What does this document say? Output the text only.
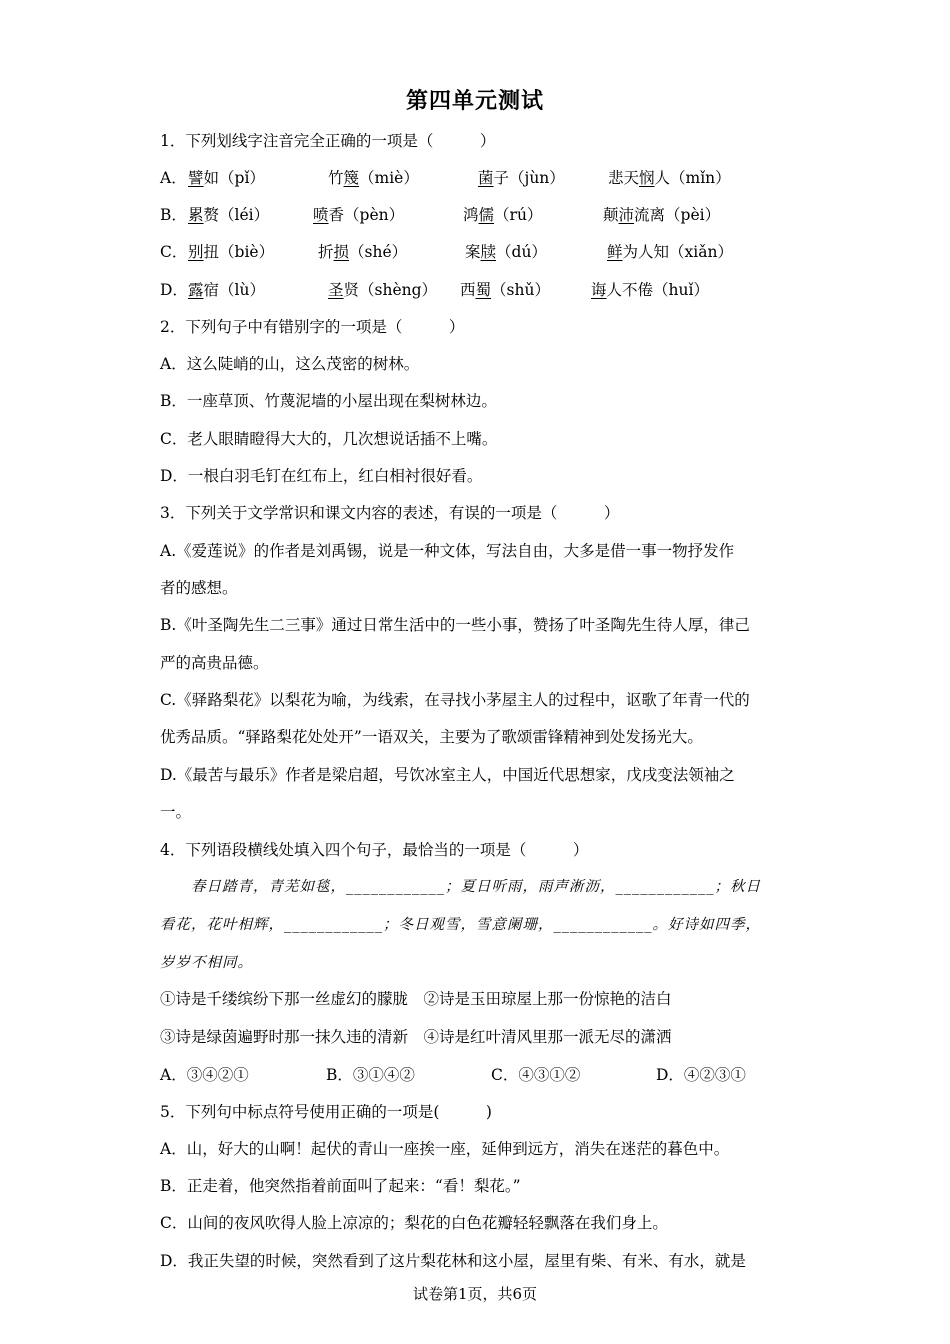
第四单元测试
1．下列划线字注音完全正确的一项是（　　　）
A． 譬如（pǐ）	竹篾（miè）	菌子（jùn）	悲天悯人（mǐn）
B． 累赘（léi）	喷香（pèn）	鸿儒（rú）	颠沛流离（pèi）
C． 别扭（biè）	折损（shé）	案牍（dú）	鲜为人知（xiǎn）
D． 露宿（lù）	圣贤（shèng） 西蜀（shǔ）	诲人不倦（huǐ）
2．下列句子中有错别字的一项是（　　　）
A．这么陡峭的山，这么茂密的树林。
B．一座草顶、竹蔑泥墙的小屋出现在梨树林边。
C．老人眼睛瞪得大大的，几次想说话插不上嘴。
D．一根白羽毛钉在红布上，红白相衬很好看。
3．下列关于文学常识和课文内容的表述，有误的一项是（　　　）
A.《爱莲说》的作者是刘禹锡，说是一种文体，写法自由，大多是借一事一物抒发作
者的感想。
B.《叶圣陶先生二三事》通过日常生活中的一些小事，赞扬了叶圣陶先生待人厚，律己
严的高贵品德。
C.《驿路梨花》以梨花为喻，为线索，在寻找小茅屋主人的过程中，讴歌了年青一代的
优秀品质。“驿路梨花处处开”一语双关，主要为了歌颂雷锋精神到处发扬光大。
D.《最苦与最乐》作者是梁启超，号饮冰室主人，中国近代思想家，戊戌变法领袖之
一。
4．下列语段横线处填入四个句子，最恰当的一项是（　　　）
　　春日踏青，青芜如毯，____________；夏日听雨，雨声淅沥，____________；秋日
看花，花叶相辉，____________；冬日观雪，雪意阑珊，____________。好诗如四季，
岁岁不相同。
①诗是千缕缤纷下那一丝虚幻的朦胧　②诗是玉田琼屋上那一份惊艳的洁白
③诗是绿茵遍野时那一抹久违的清新　④诗是红叶清风里那一派无尽的潇洒
A．③④②①	B．③①④②	C．④③①②	D．④②③①
5．下列句中标点符号使用正确的一项是(　　　)
A．山，好大的山啊！起伏的青山一座挨一座，延伸到远方，消失在迷茫的暮色中。
B．正走着，他突然指着前面叫了起来：“看！梨花。”
C．山间的夜风吹得人脸上凉凉的；梨花的白色花瓣轻轻飘落在我们身上。
D．我正失望的时候，突然看到了这片梨花林和这小屋，屋里有柴、有米、有水，就是
试卷第1页，共6页
